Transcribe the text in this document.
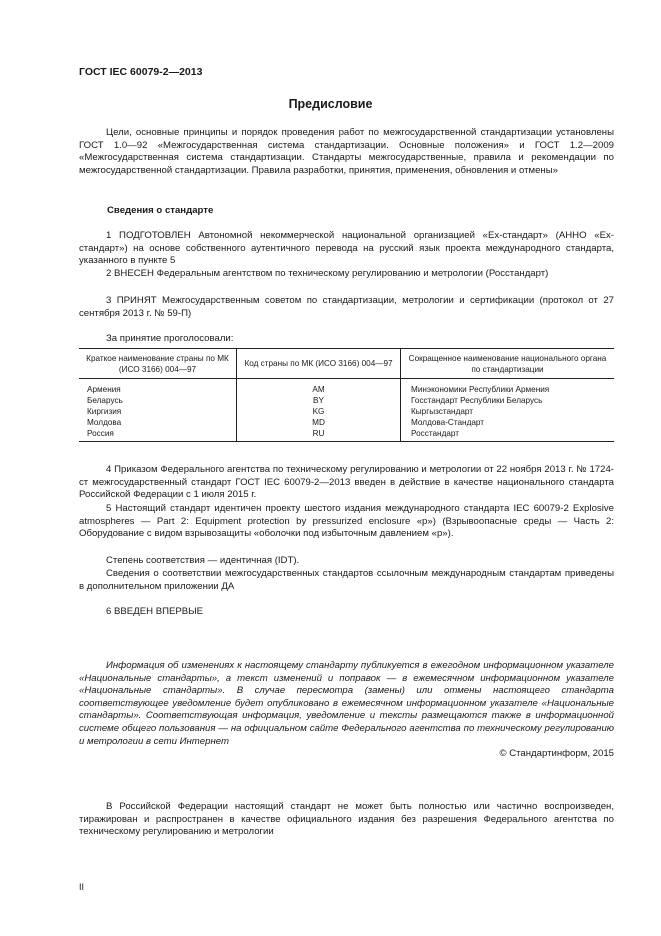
ГОСТ IEC 60079-2—2013
Предисловие
Цели, основные принципы и порядок проведения работ по межгосударственной стандартизации установлены ГОСТ 1.0—92 «Межгосударственная система стандартизации. Основные положения» и ГОСТ 1.2—2009 «Межгосударственная система стандартизации. Стандарты межгосударственные, правила и рекомендации по межгосударственной стандартизации. Правила разработки, принятия, применения, обновления и отмены»
Сведения о стандарте
1 ПОДГОТОВЛЕН Автономной некоммерческой национальной организацией «Ex-стандарт» (АННО «Ex-стандарт») на основе собственного аутентичного перевода на русский язык проекта международного стандарта, указанного в пункте 5
2 ВНЕСЕН Федеральным агентством по техническому регулированию и метрологии (Росстандарт)
3 ПРИНЯТ Межгосударственным советом по стандартизации, метрологии и сертификации (протокол от 27 сентября 2013 г. № 59-П)
За принятие проголосовали:
Краткое наименование страны по МК (ИСО 3166) 004—97	Код страны по МК (ИСО 3166) 004—97	Сокращенное наименование национального органа по стандартизации
Армения	AM	Минэкономики Республики Армения
Беларусь	BY	Госстандарт Республики Беларусь
Киргизия	KG	Кыргызстандарт
Молдова	MD	Молдова-Стандарт
Россия	RU	Росстандарт
4 Приказом Федерального агентства по техническому регулированию и метрологии от 22 ноября 2013 г. № 1724-ст межгосударственный стандарт ГОСТ IEC 60079-2—2013 введен в действие в качестве национального стандарта Российской Федерации с 1 июля 2015 г.
5 Настоящий стандарт идентичен проекту шестого издания международного стандарта IEC 60079-2 Explosive atmospheres — Part 2: Equipment protection by pressurized enclosure «p») (Взрывоопасные среды — Часть 2: Оборудование с видом взрывозащиты «оболочки под избыточным давлением «р»).
Степень соответствия — идентичная (IDT).
Сведения о соответствии межгосударственных стандартов ссылочным международным стандартам приведены в дополнительном приложении ДА
6 ВВЕДЕН ВПЕРВЫЕ
Информация об изменениях к настоящему стандарту публикуется в ежегодном информационном указателе «Национальные стандарты», а текст изменений и поправок — в ежемесячном информационном указателе «Национальные стандарты». В случае пересмотра (замены) или отмены настоящего стандарта соответствующее уведомление будет опубликовано в ежемесячном информационном указателе «Национальные стандарты». Соответствующая информация, уведомление и тексты размещаются также в информационной системе общего пользования — на официальном сайте Федерального агентства по техническому регулированию и метрологии в сети Интернет
© Стандартинформ, 2015
В Российской Федерации настоящий стандарт не может быть полностью или частично воспроизведен, тиражирован и распространен в качестве официального издания без разрешения Федерального агентства по техническому регулированию и метрологии
II
